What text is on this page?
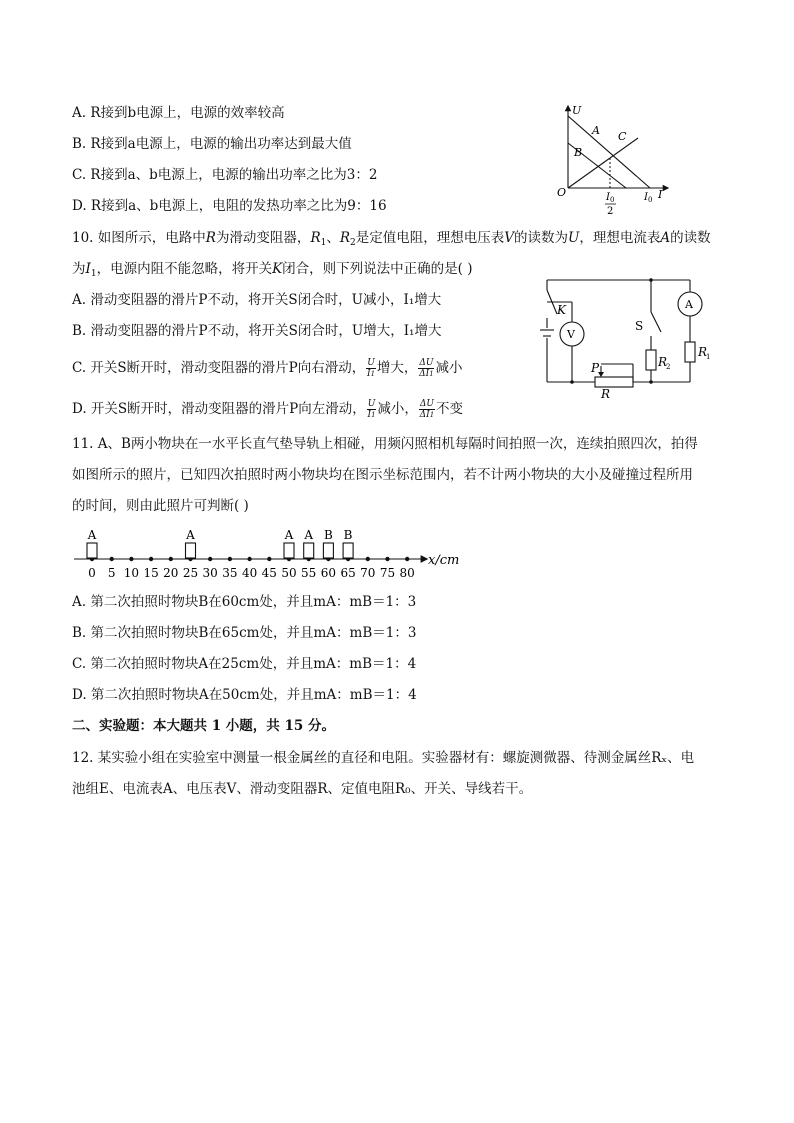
A. R接到b电源上，电源的效率较高
B. R接到a电源上，电源的输出功率达到最大值
C. R接到a、b电源上，电源的输出功率之比为3：2
D. R接到a、b电源上，电阻的发热功率之比为9：16
U
I
O
A
B
C
I 0
I 0
2
10. 如图所示，电路中R为滑动变阻器，$R_1$、$R_2$是定值电阻，理想电压表V的读数为U，理想电流表A的读数
为$I_1$，电源内阻不能忽略，将开关K闭合，则下列说法中正确的是( )
A. 滑动变阻器的滑片P不动，将开关S闭合时，U减小，I₁增大
B. 滑动变阻器的滑片P不动，将开关S闭合时，U增大，I₁增大
C. 开关S断开时，滑动变阻器的滑片P向右滑动， $\frac{U}{I1}$ 增大， $\frac{\Delta U}{\Delta I1}$ 减小
D. 开关S断开时，滑动变阻器的滑片P向左滑动， $\frac{U}{I1}$ 减小， $\frac{\Delta U}{\Delta I1}$ 不变
K
V
S
A
R
1
R
2
P
R
11. A、B两小物块在一水平长直气垫导轨上相碰，用频闪照相机每隔时间拍照一次，连续拍照四次，拍得
如图所示的照片，已知四次拍照时两小物块均在图示坐标范围内，若不计两小物块的大小及碰撞过程所用
的时间，则由此照片可判断( )
x/cm
0 5 10 15 20 25 30 35 40 45 50 55 60 65 70 75 80
A	A	A A B B
A. 第二次拍照时物块B在60cm处，并且mA：mB＝1：3
B. 第二次拍照时物块B在65cm处，并且mA：mB＝1：3
C. 第二次拍照时物块A在25cm处，并且mA：mB＝1：4
D. 第二次拍照时物块A在50cm处，并且mA：mB＝1：4
二、实验题：本大题共 1 小题，共 15 分。
12. 某实验小组在实验室中测量一根金属丝的直径和电阻。实验器材有：螺旋测微器、待测金属丝Rₓ、电
池组E、电流表A、电压表V、滑动变阻器R、定值电阻R₀、开关、导线若干。
